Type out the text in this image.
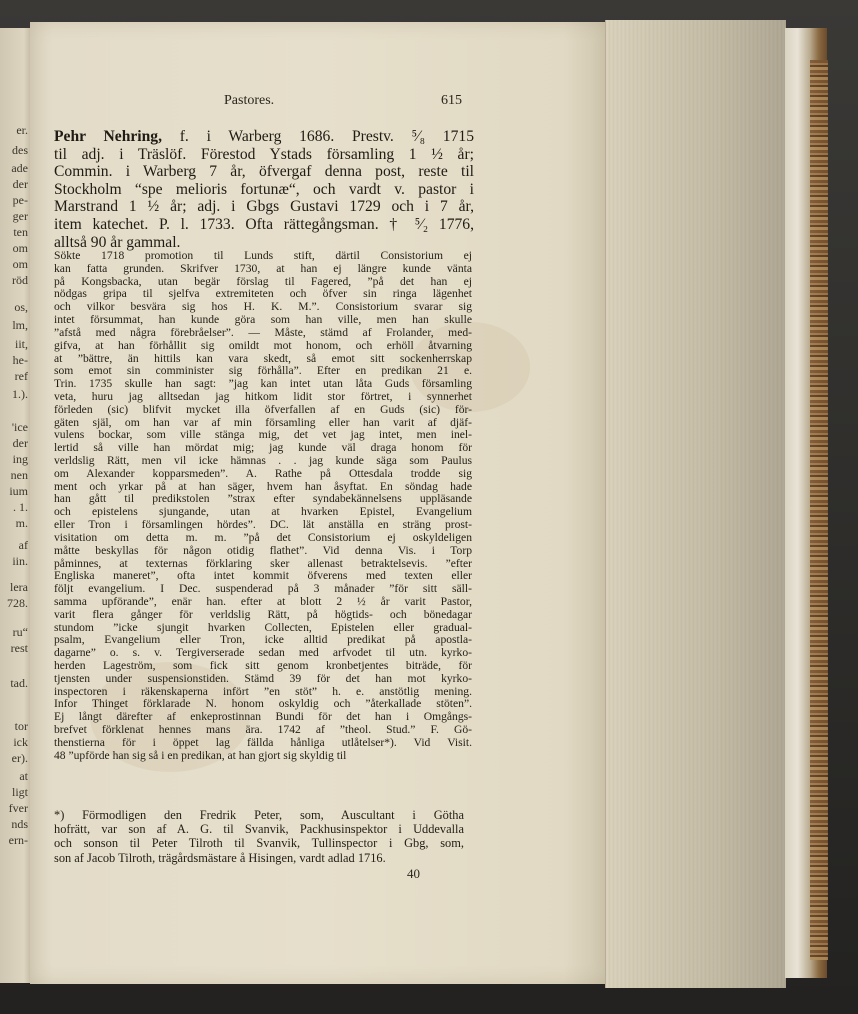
er.
des
ade
der
pe-
ger
ten
om
om
röd
os,
lm,
iit,
he-
ref
1.).
'ice
der
ing
nen
ium
. 1.
m.
af
iin.
lera
728.
ru“
rest
tad.
tor
ick
er).
at
ligt
fver
nds
ern-
Pastores.	615
Pehr Nehring, f. i Warberg 1686. Prestv. ⁵⁄₈ 1715
til adj. i Träslöf. Förestod Ystads församling 1 ½ år;
Commin. i Warberg 7 år, öfvergaf denna post, reste til
Stockholm “spe melioris fortunæ“, och vardt v. pastor i
Marstrand 1 ½ år; adj. i Gbgs Gustavi 1729 och i 7 år,
item katechet. P. l. 1733. Ofta rättegångsman. † ⁵⁄₂ 1776,
alltså 90 år gammal.
Sökte 1718 promotion til Lunds stift, därtil Consistorium ej
kan fatta grunden. Skrifver 1730, at han ej längre kunde vänta
på Kongsbacka, utan begär förslag til Fagered, ”på det han ej
nödgas gripa til sjelfva extremiteten och öfver sin ringa lägenhet
och vilkor besvära sig hos H. K. M.”. Consistorium svarar sig
intet försummat, han kunde göra som han ville, men han skulle
”afstå med några förebråelser”. — Måste, stämd af Frolander, med-
gifva, at han förhållit sig omildt mot honom, och erhöll åtvarning
at ”bättre, än hittils kan vara skedt, så emot sitt sockenherrskap
som emot sin comminister sig förhålla”. Efter en predikan 21 e.
Trin. 1735 skulle han sagt: ”jag kan intet utan låta Guds församling
veta, huru jag alltsedan jag hitkom lidit stor förtret, i synnerhet
förleden (sic) blifvit mycket illa öfverfallen af en Guds (sic) för-
gäten själ, om han var af min församling eller han varit af djäf-
vulens bockar, som ville stänga mig, det vet jag intet, men inel-
lertid så ville han mördat mig; jag kunde väl draga honom för
verldslig Rätt, men vil icke hämnas . . jag kunde säga som Paulus
om Alexander kopparsmeden”. A. Rathe på Ottesdala trodde sig
ment och yrkar på at han säger, hvem han åsyftat. En söndag hade
han gått til predikstolen ”strax efter syndabekännelsens uppläsande
och epistelens sjungande, utan at hvarken Epistel, Evangelium
eller Tron i församlingen hördes”. DC. lät anställa en sträng prost-
visitation om detta m. m. ”på det Consistorium ej oskyldeligen
måtte beskyllas för någon otidig flathet”. Vid denna Vis. i Torp
påminnes, at texternas förklaring sker allenast betraktelsevis. ”efter
Engliska maneret”, ofta intet kommit öfverens med texten eller
följt evangelium. I Dec. suspenderad på 3 månader ”för sitt säll-
samma upförande”, enär han. efter at blott 2 ½ år varit Pastor,
varit flera gånger för verldslig Rätt, på högtids- och bönedagar
stundom ”icke sjungit hvarken Collecten, Epistelen eller gradual-
psalm, Evangelium eller Tron, icke alltid predikat på apostla-
dagarne” o. s. v. Tergiverserade sedan med arfvodet til utn. kyrko-
herden Lageström, som fick sitt genom kronbetjentes biträde, för
tjensten under suspensionstiden. Stämd 39 för det han mot kyrko-
inspectoren i räkenskaperna infört ”en stöt” h. e. anstötlig mening.
Infor Thinget förklarade N. honom oskyldig och ”återkallade stöten”.
Ej långt därefter af enkeprostinnan Bundi för det han i Omgångs-
brefvet förklenat hennes mans ära. 1742 af ”theol. Stud.” F. Gö-
thenstierna för i öppet lag fällda hånliga utlåtelser*). Vid Visit.
48 ”upförde han sig så i en predikan, at han gjort sig skyldig til
*) Förmodligen den Fredrik Peter, som, Auscultant i Götha
hofrätt, var son af A. G. til Svanvik, Packhusinspektor i Uddevalla
och sonson til Peter Tilroth til Svanvik, Tullinspector i Gbg, som,
son af Jacob Tilroth, trägårdsmästare å Hisingen, vardt adlad 1716.
40
